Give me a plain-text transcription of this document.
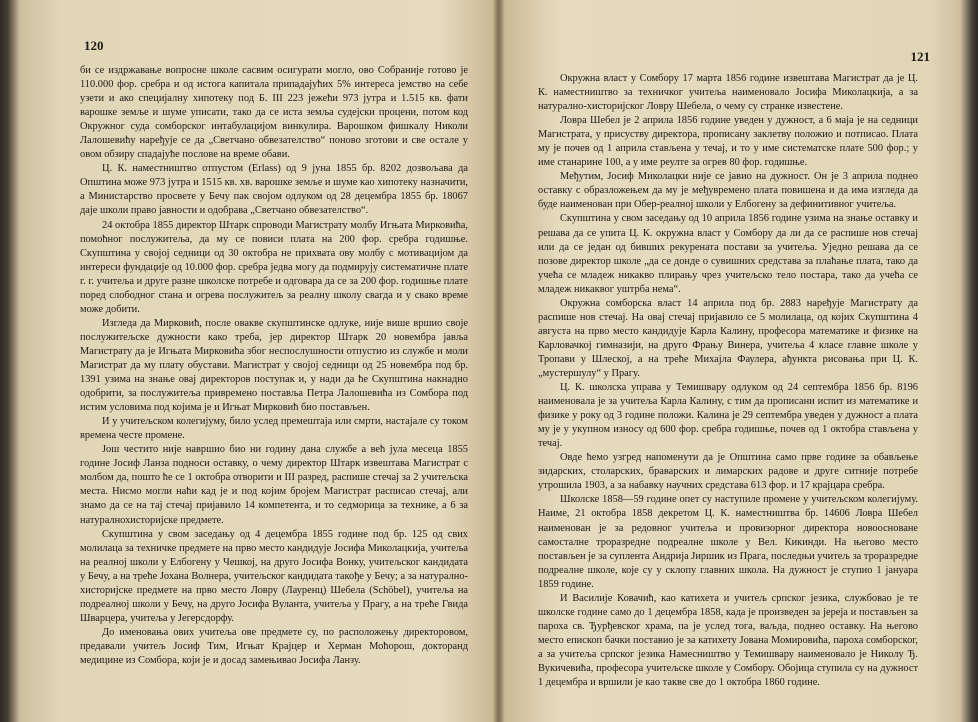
120

би се издржавање вопросне школе сасвим осигурати могло, ово Собраније готово је 110.000 фор. сребра и од истога капитала припадајућих 5% интереса јемство на себе узети и ако специјалну хипотеку под Б. III 223 јежећи 973 јутра и 1.515 кв. фати варошке земље и шуме уписати, тако да се иста земља судејски процени, потом код Окружног суда сомборског интабулацијом винкулира. Варошком фишкалу Николи Лалошевићу наређује се да „Светчано обвезателство“ поново зготови и све остале у овом обзиру спадајуће послове на време обави.

Ц. К. наместништво отпустом (Erlass) од 9 јуна 1855 бр. 8202 дозвољава да Општина може 973 јутра и 1515 кв. хв. варошке земље и шуме као хипотеку назначити, а Министарство просвете у Бечу пак својом одлуком од 28 децембра 1855 бр. 18067 даје школи право јавности и одобрава „Светчано обвезателство“.

24 октобра 1855 директор Штарк спроводи Магистрату молбу Игњата Мирковића, помоћног послужитеља, да му се повиси плата на 200 фор. сребра годишње. Скупштина у својој седници од 30 октобра не прихвата ову молбу с мотивацијом да интереси фундације од 10.000 фор. сребра једва могу да подмирују систематичне плате г. г. учитеља и друге разне школске потребе и одговара да се за 200 фор. годишње плате поред слободног стана и огрева послужитељ за реалну школу свагда и у свако време може добити.

Изгледа да Мирковић, после овакве скупштинске одлуке, није више вршио своје послужитељске дужности како треба, јер директор Штарк 20 новембра јавља Магистрату да је Игњата Мирковића због неспослушности отпустио из службе и моли Магистрат да му плату обустави. Магистрат у својој седници од 25 новембра под бр. 1391 узима на знање овај директоров поступак и, у нади да ће Скупштина накнадно одобрити, за послужитеља привремено поставља Петра Лалошевића из Сомбора под истим условима под којима је и Игњат Мирковић био постављен.

И у учитељском колегијуму, било услед премештаја или смрти, настајале су током времена честе промене.

Још честито није навршио био ни годину дана службе а већ јула месеца 1855 године Јосиф Ланза подноси оставку, о чему директор Штарк извештава Магистрат с молбом да, пошто ће се 1 октобра отворити и III разред, распише стечај за 2 учитељска места. Нисмо могли наћи кад је и под којим бројем Магистрат расписао стечај, али знамо да се на тај стечај пријавило 14 компетента, и то седморица за технике, а 6 за натуралнохисторијске предмете.

Скупштина у свом заседању од 4 децембра 1855 године под бр. 125 од свих молилаца за техничке предмете на прво место кандидује Јосифа Миколацкија, учитеља на реалној школи у Елбогену у Чешкој, на друго Јосифа Вонку, учитељског кандидата у Бечу, а на треће Јохана Волнера, учитељског кандидата такође у Бечу; а за натурално-хисторијске предмете на прво место Ловру (Лауренц) Шебела (Schöbel), учитеља на подреалној школи у Бечу, на друго Јосифа Вуланта, учитеља у Прагу, а на треће Гвида Шварцера, учитеља у Јегерсдорфу.

До именовања ових учитеља ове предмете су, по расположењу директоровом, предавали учитељ Јосиф Тим, Игњат Крајцер и Херман Моћорош, докторанд медицине из Сомбора, који је и досад замењивао Јосифа Ланзу.

121

Окружна власт у Сомбору 17 марта 1856 године извештава Магистрат да је Ц. К. наместништво за техничког учитеља наименовало Јосифа Миколацкија, а за натурално-хисторијског Ловру Шебела, о чему су странке известене.

Ловра Шебел је 2 априла 1856 године уведен у дужност, а 6 маја је на седници Магистрата, у присуству директора, прописану заклетву положио и потписао. Плата му је почев од 1 априла стављена у течај, и то у име систематске плате 500 фор.; у име станарине 100, а у име реулте за огрев 80 фор. годишње.

Међутим, Јосиф Миколацки није се јавио на дужност. Он је 3 априла поднео оставку с образложењем да му је међувремено плата повишена и да има изгледа да буде наименован при Обер-реалној школи у Елбогену за дефинитивног учитеља.

Скупштина у свом заседању од 10 априла 1856 године узима на знање оставку и решава да се упита Ц. К. окружна власт у Сомбору да ли да се распише нов стечај или да се један од бивших рекурената постави за учитеља. Уједно решава да се позове директор школе „да се донде о сувишних средстава за плаћање плата, тако да учећа се младеж никакво плирању чрез учитељско тело постара, тако да учећа се младеж никаквог уштрба нема“.

Окружна сомборска власт 14 априла под бр. 2883 наређује Магистрату да распише нов стечај. На овај стечај пријавило се 5 молилаца, од којих Скупштина 4 августа на прво место кандидује Карла Калину, професора математике и физике на Карловачкој гимназији, на друго Фрању Винера, учитеља 4 класе главне школе у Тропави у Шлеској, а на треће Михајла Фаулера, ађункта рисовања при Ц. К. „мустершулу“ у Прагу.

Ц. К. школска управа у Темишвару одлуком од 24 септембра 1856 бр. 8196 наименовала је за учитеља Карла Калину, с тим да прописани испит из математике и физике у року од 3 године положи. Калина је 29 септембра уведен у дужност а плата му је у укупном износу од 600 фор. сребра годишње, почев од 1 октобра стављена у течај.

Овде ћемо узгред напоменути да је Општина само прве године за обављење зидарских, столарских, браварских и лимарских радове и друге ситније потребе утрошила 1903, а за набавку научних средстава 613 фор. и 17 крајцара сребра.

Школске 1858—59 године опет су наступиле промене у учитељском колегијуму. Наиме, 21 октобра 1858 декретом Ц. К. наместништва бр. 14606 Ловра Шебел наименован је за редовног учитеља и провизорног директора новоосноване самосталне троразредне подреалне школе у Вел. Кикинди. На његово место постављен је за суплента Андрија Јиршик из Прага, последњи учитељ за троразредне подреалне школе, које су у склопу главних школа. На дужност је ступио 1 јануара 1859 године.

И Василије Ковачић, као катихета и учитељ српског језика, службовао је те школске године само до 1 децембра 1858, када је произведен за јереја и постављен за пароха св. Ђурђевског храма, па је услед тога, ваљда, поднео оставку. На његово место епископ бачки поставио је за катихету Јована Момировића, пароха сомборског, а за учитеља српског језика Намесништво у Темишвару наименовало је Николу Ђ. Вукичевића, професора учитељске школе у Сомбору. Обојица ступила су на дужност 1 децембра и вршили је као такве све до 1 октобра 1860 године.
